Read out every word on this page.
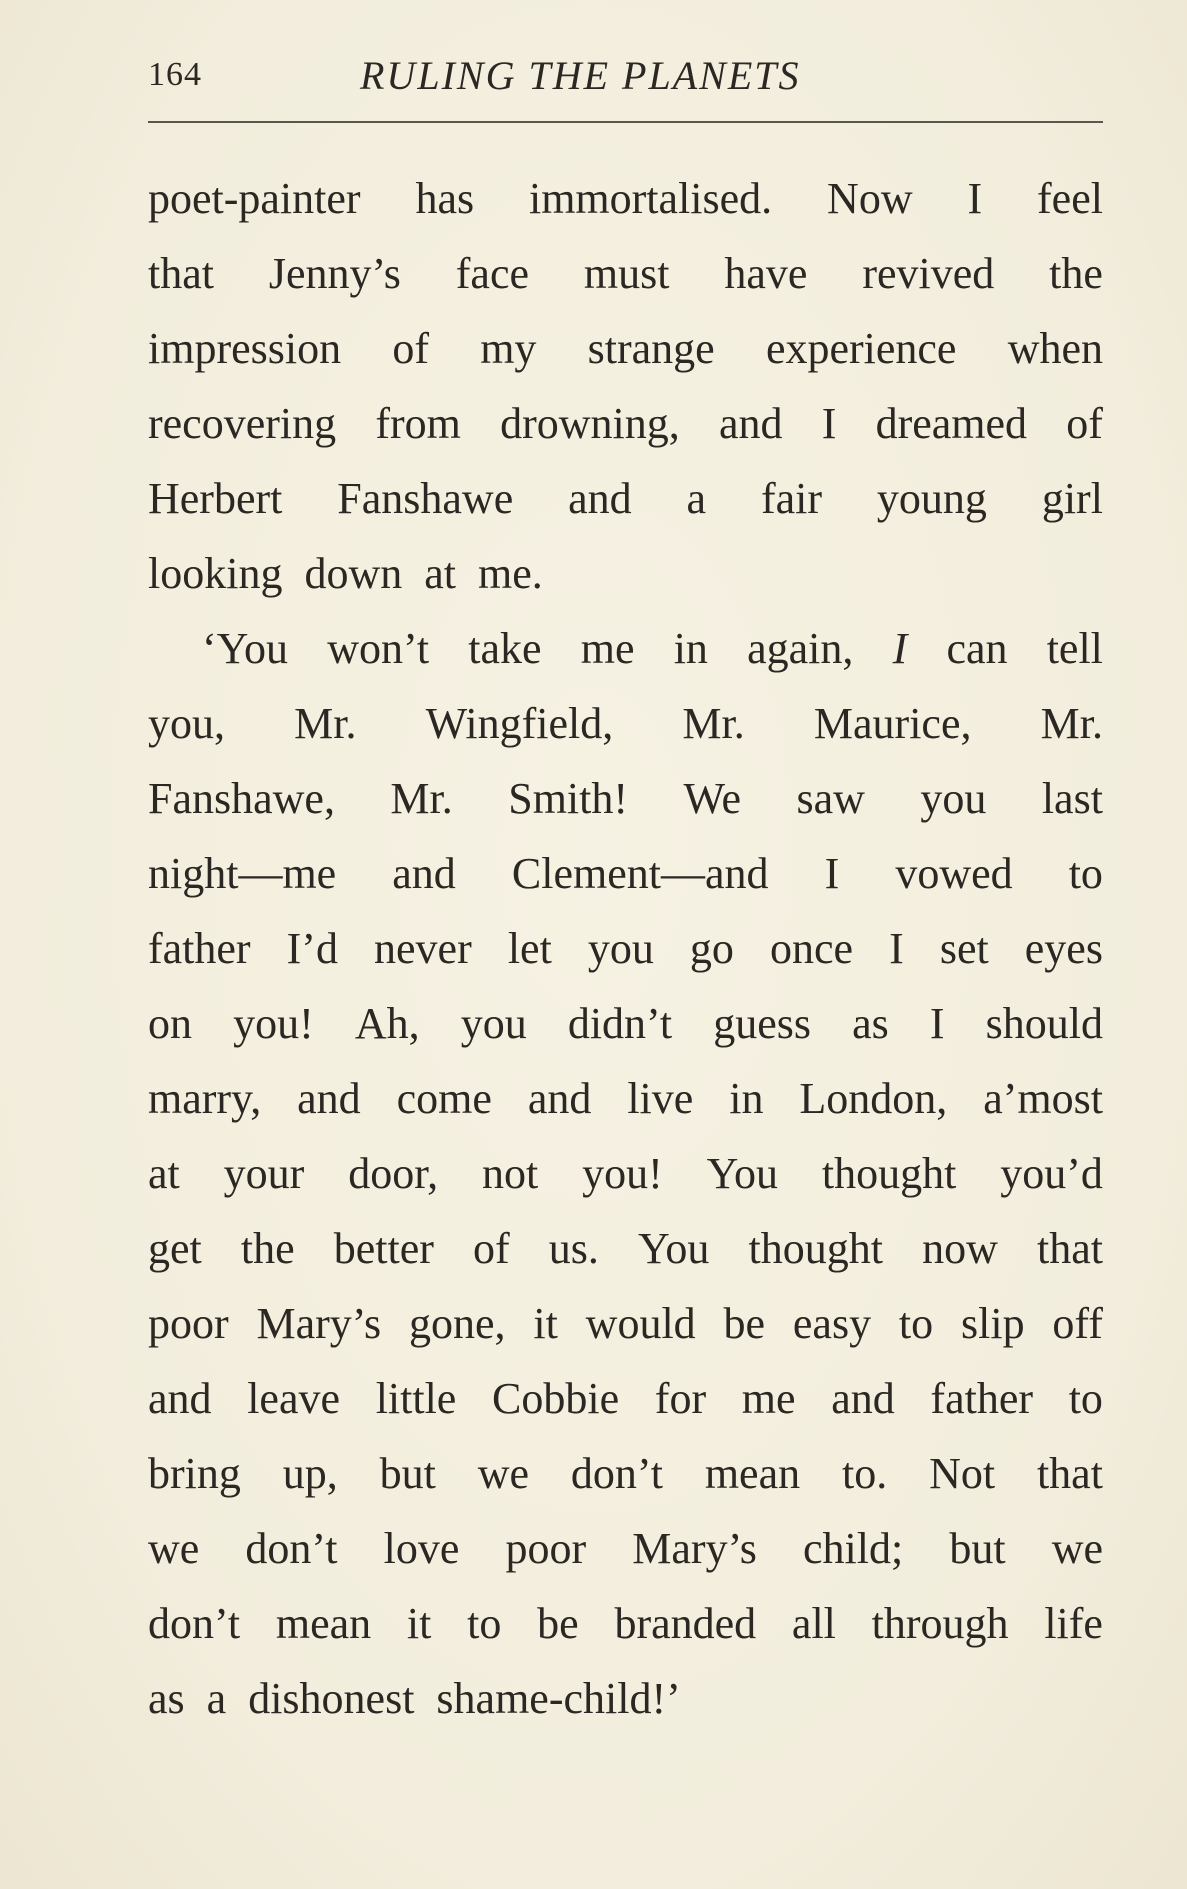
164	RULING THE PLANETS
poet-painter has immortalised. Now I feel
that Jenny’s face must have revived the
impression of my strange experience when
recovering from drowning, and I dreamed of
Herbert Fanshawe and a fair young girl
looking down at me.
‘You won’t take me in again, I can tell
you, Mr. Wingfield, Mr. Maurice, Mr.
Fanshawe, Mr. Smith! We saw you last
night—me and Clement—and I vowed to
father I’d never let you go once I set eyes
on you! Ah, you didn’t guess as I should
marry, and come and live in London, a’most
at your door, not you! You thought you’d
get the better of us. You thought now that
poor Mary’s gone, it would be easy to slip off
and leave little Cobbie for me and father to
bring up, but we don’t mean to. Not that
we don’t love poor Mary’s child; but we
don’t mean it to be branded all through life
as a dishonest shame-child!’
